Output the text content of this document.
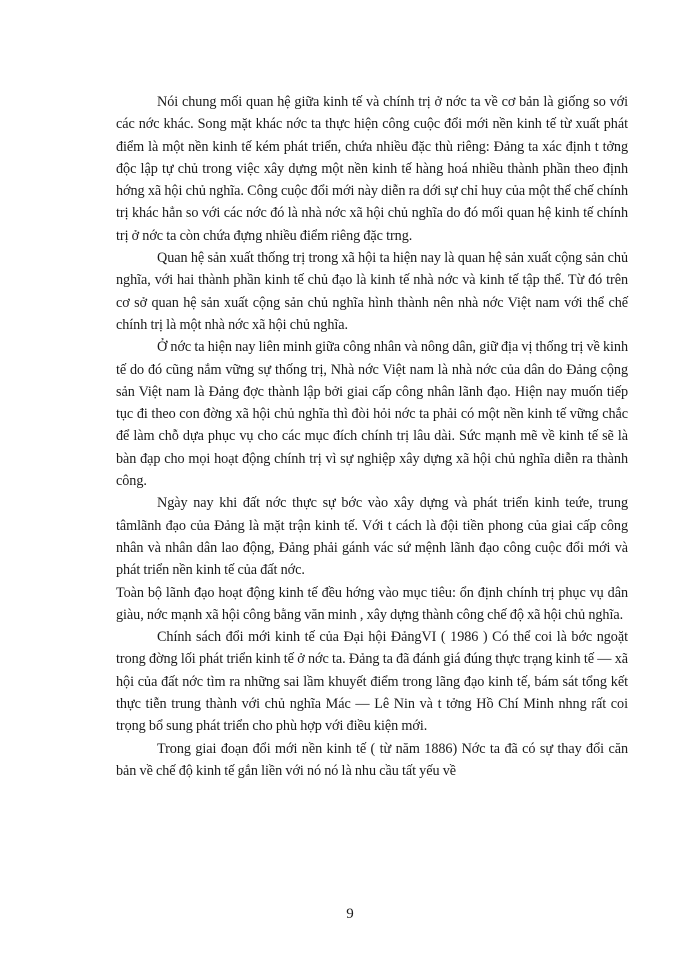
Nói chung mối quan hệ giữa kinh tế và chính trị ở nớc ta về cơ bản là giống so với các nớc khác. Song mặt khác nớc ta thực hiện công cuộc đổi mới nền kinh tế từ xuất phát điểm là một nền kinh tế kém phát triển, chứa nhiều đặc thù riêng: Đảng ta xác định t tởng độc lập tự chủ trong việc xây dựng một nền kinh tế hàng hoá nhiều thành phần theo định hớng xã hội chủ nghĩa. Công cuộc đổi mới này diễn ra dới sự chỉ huy của một thể chế chính trị khác hẳn so với các nớc đó là nhà nớc xã hội chủ nghĩa do đó mối quan hệ kinh tế chính trị ở nớc ta còn chứa đựng nhiều điểm riêng đặc trng.

Quan hệ sản xuất thống trị trong xã hội ta hiện nay là quan hệ sản xuất cộng sản chủ nghĩa, với hai thành phần kinh tế chủ đạo là kinh tế nhà nớc và kinh tế tập thể. Từ đó trên cơ sở quan hệ sản xuất cộng sản chủ nghĩa hình thành nên nhà nớc Việt nam với thể chế chính trị là một nhà nớc xã hội chủ nghĩa.

Ở nớc ta hiện nay liên minh giữa công nhân và nông dân, giữ địa vị thống trị về kinh tế do đó cũng nắm vững sự thống trị, Nhà nớc Việt nam là nhà nớc của dân do Đảng cộng sản Việt nam là Đảng đợc thành lập bởi giai cấp công nhân lãnh đạo. Hiện nay muốn tiếp tục đi theo con đờng xã hội chủ nghĩa thì đòi hỏi nớc ta phải có một nền kinh tế vững chắc để làm chỗ dựa phục vụ cho các mục đích chính trị lâu dài. Sức mạnh mẽ về kinh tế sẽ là bàn đạp cho mọi hoạt động chính trị vì sự nghiệp xây dựng xã hội chủ nghĩa diễn ra thành công.

Ngày nay khi đất nớc thực sự bớc vào xây dựng và phát triển kinh teứe, trung tâmlãnh đạo của Đảng là mặt trận kinh tế. Với t cách là đội tiền phong của giai cấp công nhân và nhân dân lao động, Đảng phải gánh vác sứ mệnh lãnh đạo công cuộc đổi mới và phát triển nền kinh tế của đất nớc.

Toàn bộ lãnh đạo hoạt động kinh tế đều hớng vào mục tiêu: ổn định chính trị phục vụ dân giàu, nớc mạnh xã hội công bằng văn minh , xây dựng thành công chế độ xã hội chủ nghĩa.

Chính sách đổi mới kinh tế của Đại hội ĐảngVI ( 1986 ) Có thể coi là bớc ngoặt trong đờng lối phát triển kinh tế ở nớc ta. Đảng ta đã đánh giá đúng thực trạng kinh tế — xã hội của đất nớc tìm ra những sai lầm khuyết điểm trong lãng đạo kinh tế, bám sát tổng kết thực tiễn trung thành với chủ nghĩa Mác — Lê Nin và t tởng Hồ Chí Minh nhng rất coi trọng bổ sung phát triển cho phù hợp với điều kiện mới.

Trong giai đoạn đổi mới nền kinh tế ( từ năm 1886) Nớc ta đã có sự thay đổi căn bản về chế độ kinh tế gắn liền với nó nó là nhu cầu tất yếu về

9
